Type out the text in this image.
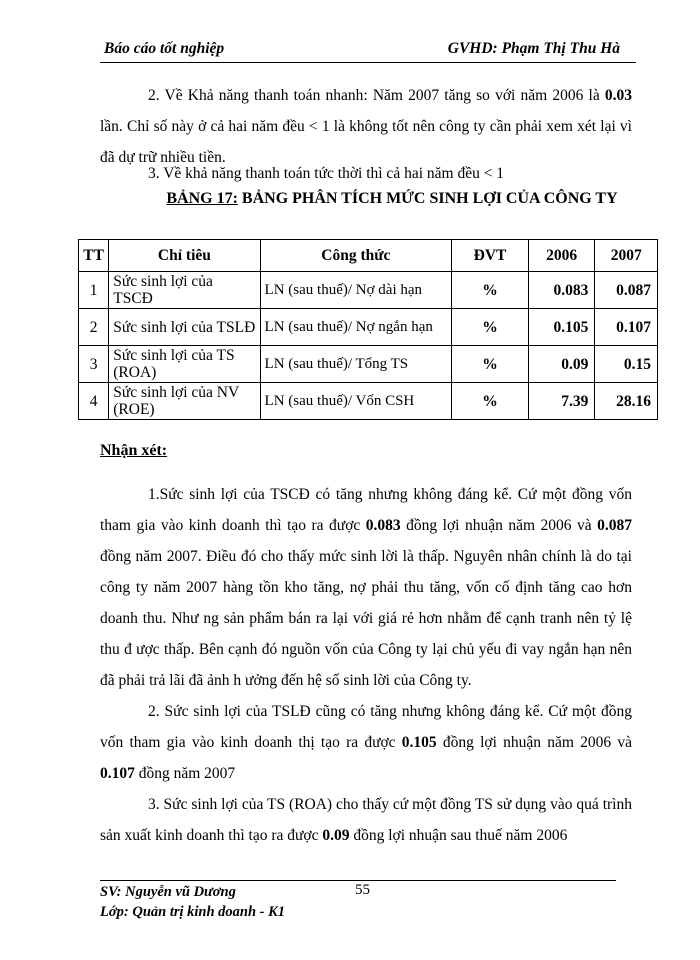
Báo cáo tốt nghiệp	GVHD: Phạm Thị Thu Hà

2. Về Khả năng thanh toán nhanh: Năm 2007 tăng so với năm 2006 là 0.03 lần. Chỉ số này ở cả hai năm đều < 1 là không tốt nên công ty cần phải xem xét lại vì đã dự trữ nhiều tiền.

3. Về khả năng thanh toán tức thời thì cả hai năm đều < 1

BẢNG 17: BẢNG PHÂN TÍCH MỨC SINH LỢI CỦA CÔNG TY
TT	Chỉ tiêu	Công thức	ĐVT	2006	2007
1	Sức sinh lợi của TSCĐ	LN (sau thuế)/ Nợ dài hạn	%	0.083	0.087
2	Sức sinh lợi của TSLĐ	LN (sau thuế)/ Nợ ngắn hạn	%	0.105	0.107
3	Sức sinh lợi của TS (ROA)	LN (sau thuế)/ Tổng TS	%	0.09	0.15
4	Sức sinh lợi của NV (ROE)	LN (sau thuế)/ Vốn CSH	%	7.39	28.16
Nhận xét:

1.Sức sinh lợi của TSCĐ có tăng nhưng không đáng kể. Cứ một đồng vốn tham gia vào kinh doanh thì tạo ra được 0.083 đồng lợi nhuận năm 2006 và 0.087 đồng năm 2007. Điều đó cho thấy mức sinh lời là thấp. Nguyên nhân chính là do tại công ty năm 2007 hàng tồn kho tăng, nợ phải thu tăng, vốn cố định tăng cao hơn doanh thu. Như ng sản phẩm bán ra lại với giá rẻ hơn nhằm để cạnh tranh nên tỷ lệ thu đ ược thấp. Bên cạnh đó nguồn vốn của Công ty lại chủ yếu đi vay ngắn hạn nên đã phải trả lãi đã ảnh h ưởng đến hệ số sinh lời của Công ty.

2. Sức sinh lợi của TSLĐ cũng có tăng nhưng không đáng kể. Cứ một đồng vốn tham gia vào kinh doanh thị tạo ra được 0.105 đồng lợi nhuận năm 2006 và 0.107 đồng năm 2007

3. Sức sinh lợi của TS (ROA) cho thấy cứ một đồng TS sử dụng vào quá trình sản xuất kinh doanh thì tạo ra được 0.09 đồng lợi nhuận sau thuế năm 2006

SV: Nguyễn vũ Dương	55
Lớp: Quản trị kinh doanh - K1
